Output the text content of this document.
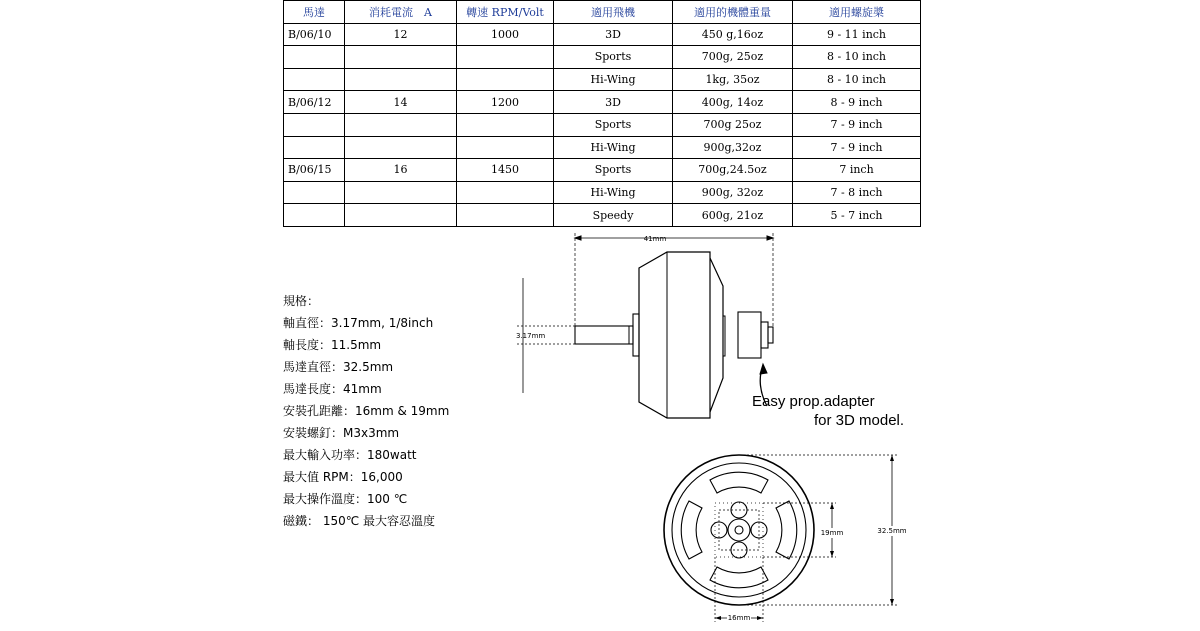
馬達	消耗電流　A	轉速 RPM/Volt	適用飛機	適用的機體重量	適用螺旋槳
B/06/10	12	1000	3D	450 g,16oz	9 - 11 inch
			Sports	700g, 25oz	8 - 10 inch
			Hi-Wing	1kg, 35oz	8 - 10 inch
B/06/12	14	1200	3D	400g, 14oz	8 - 9 inch
			Sports	700g 25oz	7 - 9 inch
			Hi-Wing	900g,32oz	7 - 9 inch
B/06/15	16	1450	Sports	700g,24.5oz	7 inch
			Hi-Wing	900g, 32oz	7 - 8 inch
			Speedy	600g, 21oz	5 - 7 inch
規格：
軸直徑：3.17mm, 1/8inch
軸長度：11.5mm
馬達直徑：32.5mm
馬達長度：41mm
安裝孔距離：16mm & 19mm
安裝螺釘：M3x3mm
最大輸入功率：180watt
最大值 RPM：16,000
最大操作溫度：100 ℃
磁鐵： 150℃ 最大容忍溫度
41mm
3.17mm
Easy prop.adapter
for 3D model.
19mm	32.5mm
16mm
